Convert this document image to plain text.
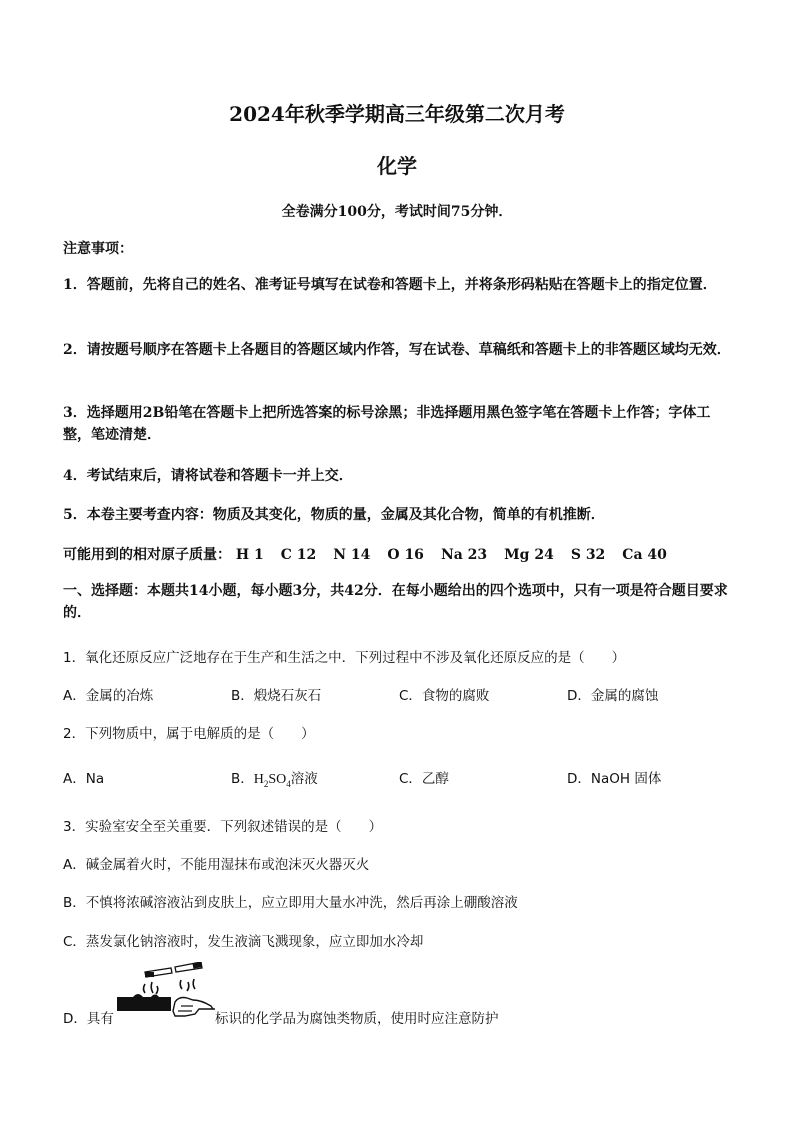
2024年秋季学期高三年级第二次月考
化学
全卷满分100分，考试时间75分钟．
注意事项：
1．答题前，先将自己的姓名、准考证号填写在试卷和答题卡上，并将条形码粘贴在答题卡上的指定位置．
2．请按题号顺序在答题卡上各题目的答题区域内作答，写在试卷、草稿纸和答题卡上的非答题区域均无效．
3．选择题用2B铅笔在答题卡上把所选答案的标号涂黑；非选择题用黑色签字笔在答题卡上作答；字体工整，笔迹清楚．
4．考试结束后，请将试卷和答题卡一并上交．
5．本卷主要考查内容：物质及其变化，物质的量，金属及其化合物，简单的有机推断．
可能用到的相对原子质量： H 1 C 12 N 14 O 16 Na 23 Mg 24 S 32 Ca 40
一、选择题：本题共14小题，每小题3分，共42分．在每小题给出的四个选项中，只有一项是符合题目要求的．
1．氧化还原反应广泛地存在于生产和生活之中．下列过程中不涉及氧化还原反应的是（　　）
A．金属的冶炼	B．煅烧石灰石	C．食物的腐败	D．金属的腐蚀
2．下列物质中，属于电解质的是（　　）
A．Na	B．$H_2SO_4$溶液	C．乙醇	D．NaOH 固体
3．实验室安全至关重要．下列叙述错误的是（　　）
A．碱金属着火时，不能用湿抹布或泡沫灭火器灭火
B．不慎将浓碱溶液沾到皮肤上，应立即用大量水冲洗，然后再涂上硼酸溶液
C．蒸发氯化钠溶液时，发生液滴飞溅现象，应立即加水冷却
D．具有	标识的化学品为腐蚀类物质，使用时应注意防护
